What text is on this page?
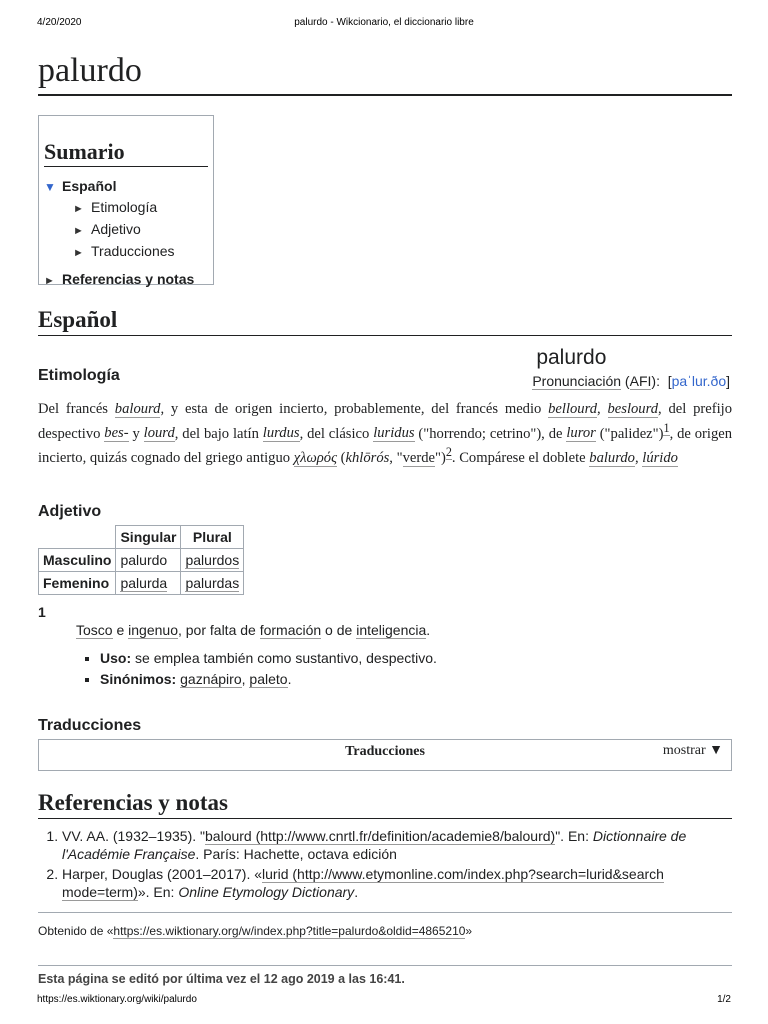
4/20/2020	palurdo - Wikcionario, el diccionario libre
palurdo
Sumario
▼ Español
► Etimología
► Adjetivo
► Traducciones
► Referencias y notas
Español
palurdo
Pronunciación (AFI): [paˈlur.ðo]
Etimología

Del francés balourd, y esta de origen incierto, probablemente, del francés medio bellourd, beslourd, del prefijo despectivo bes- y lourd, del bajo latín lurdus, del clásico luridus ("horrendo; cetrino"), de luror ("palidez")$^1$, de origen incierto, quizás cognado del griego antiguo χλωρός (khlōrós, "verde")$^2$. Compárese el doblete balurdo, lúrido

Adjetivo
	Singular	Plural
Masculino	palurdo	palurdos
Femenino	palurda	palurdas
1
Tosco e ingenuo, por falta de formación o de inteligencia.
▪ Uso: se emplea también como sustantivo, despectivo.
▪ Sinónimos: gaznápiro, paleto.
Traducciones
Traducciones	mostrar ▼
Referencias y notas
1. VV. AA. (1932–1935). "balourd (http://www.cnrtl.fr/definition/academie8/balourd)". En: Dictionnaire de l'Académie Française. París: Hachette, octava edición
2. Harper, Douglas (2001–2017). «lurid (http://www.etymonline.com/index.php?search=lurid&search mode=term)». En: Online Etymology Dictionary.
Obtenido de «https://es.wiktionary.org/w/index.php?title=palurdo&oldid=4865210»
Esta página se editó por última vez el 12 ago 2019 a las 16:41.
https://es.wiktionary.org/wiki/palurdo	1/2
